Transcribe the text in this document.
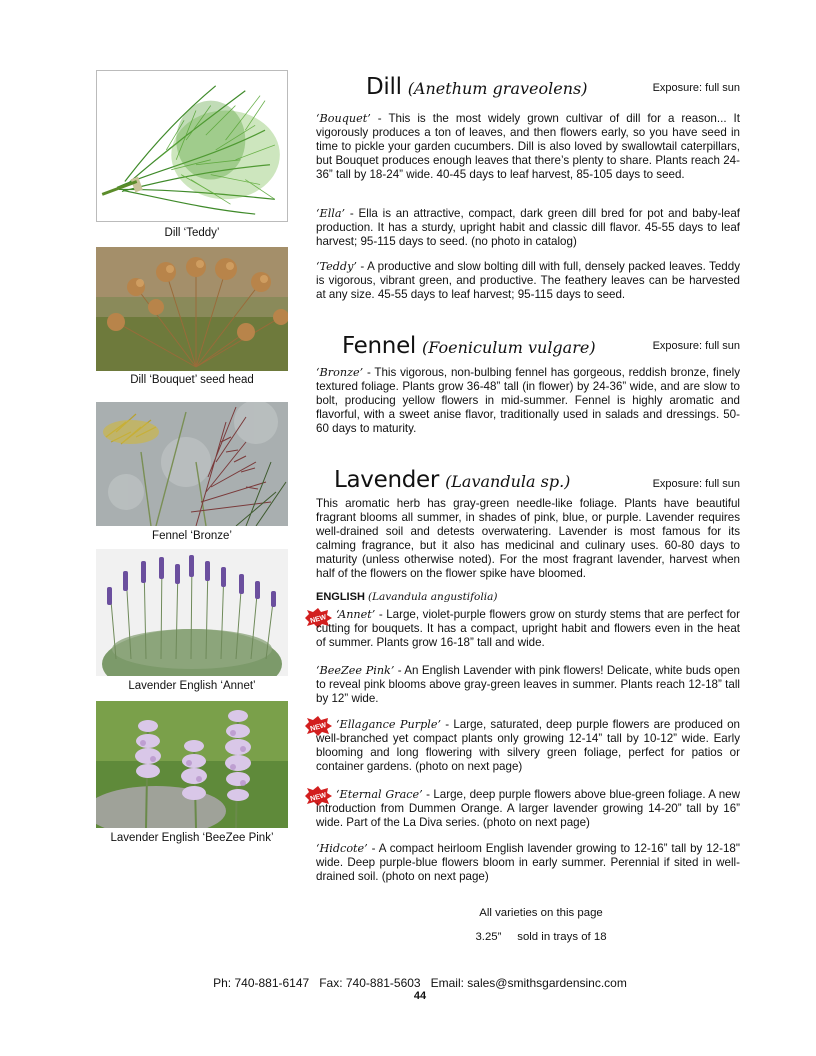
Dill ‘Teddy’
Dill ‘Bouquet’ seed head
Fennel ‘Bronze’
Lavender English ‘Annet’
Lavender English ‘BeeZee Pink’
Dill (Anethum graveolens)	Exposure: full sun
‘Bouquet’ - This is the most widely grown cultivar of dill for a reason... It vigorously produces a ton of leaves, and then flowers early, so you have seed in time to pickle your garden cucumbers. Dill is also loved by swallowtail caterpillars, but Bouquet produces enough leaves that there’s plenty to share. Plants reach 24-36” tall by 18-24” wide. 40-45 days to leaf harvest, 85-105 days to seed.
‘Ella’ - Ella is an attractive, compact, dark green dill bred for pot and baby-leaf production. It has a sturdy, upright habit and classic dill flavor. 45-55 days to leaf harvest; 95-115 days to seed. (no photo in catalog)
‘Teddy’ - A productive and slow bolting dill with full, densely packed leaves. Teddy is vigorous, vibrant green, and productive. The feathery leaves can be harvested at any size. 45-55 days to leaf harvest; 95-115 days to seed.
Fennel (Foeniculum vulgare)	Exposure: full sun
‘Bronze’ - This vigorous, non-bulbing fennel has gorgeous, reddish bronze, finely textured foliage. Plants grow 36-48” tall (in flower) by 24-36” wide, and are slow to bolt, producing yellow flowers in mid-summer. Fennel is highly aromatic and flavorful, with a sweet anise flavor, traditionally used in salads and dressings. 50-60 days to maturity.
Lavender (Lavandula sp.)	Exposure: full sun
This aromatic herb has gray-green needle-like foliage. Plants have beautiful fragrant blooms all summer, in shades of pink, blue, or purple. Lavender requires well-drained soil and detests overwatering. Lavender is most famous for its calming fragrance, but it also has medicinal and culinary uses. 60-80 days to maturity (unless otherwise noted). For the most fragrant lavender, harvest when half of the flowers on the flower spike have bloomed.
ENGLISH (Lavandula angustifolia)
NEW
NEW
NEW
‘Annet’ - Large, violet-purple flowers grow on sturdy stems that are perfect for cutting for bouquets. It has a compact, upright habit and flowers even in the heat of summer. Plants grow 16-18” tall and wide.
‘BeeZee Pink’ - An English Lavender with pink flowers! Delicate, white buds open to reveal pink blooms above gray-green leaves in summer. Plants reach 12-18” tall by 12” wide.
‘Ellagance Purple’ - Large, saturated, deep purple flowers are produced on well-branched yet compact plants only growing 12-14” tall by 10-12” wide. Early blooming and long flowering with silvery green foliage, perfect for patios or container gardens. (photo on next page)
‘Eternal Grace’ - Large, deep purple flowers above blue-green foliage. A new introduction from Dummen Orange. A larger lavender growing 14-20” tall by 16” wide. Part of the La Diva series. (photo on next page)
‘Hidcote’ - A compact heirloom English lavender growing to 12-16” tall by 12-18" wide. Deep purple-blue flowers bloom in early summer. Perennial if sited in well-drained soil. (photo on next page)
All varieties on this page
3.25” sold in trays of 18
Ph: 740-881-6147   Fax: 740-881-5603   Email: sales@smithsgardensinc.com
44
